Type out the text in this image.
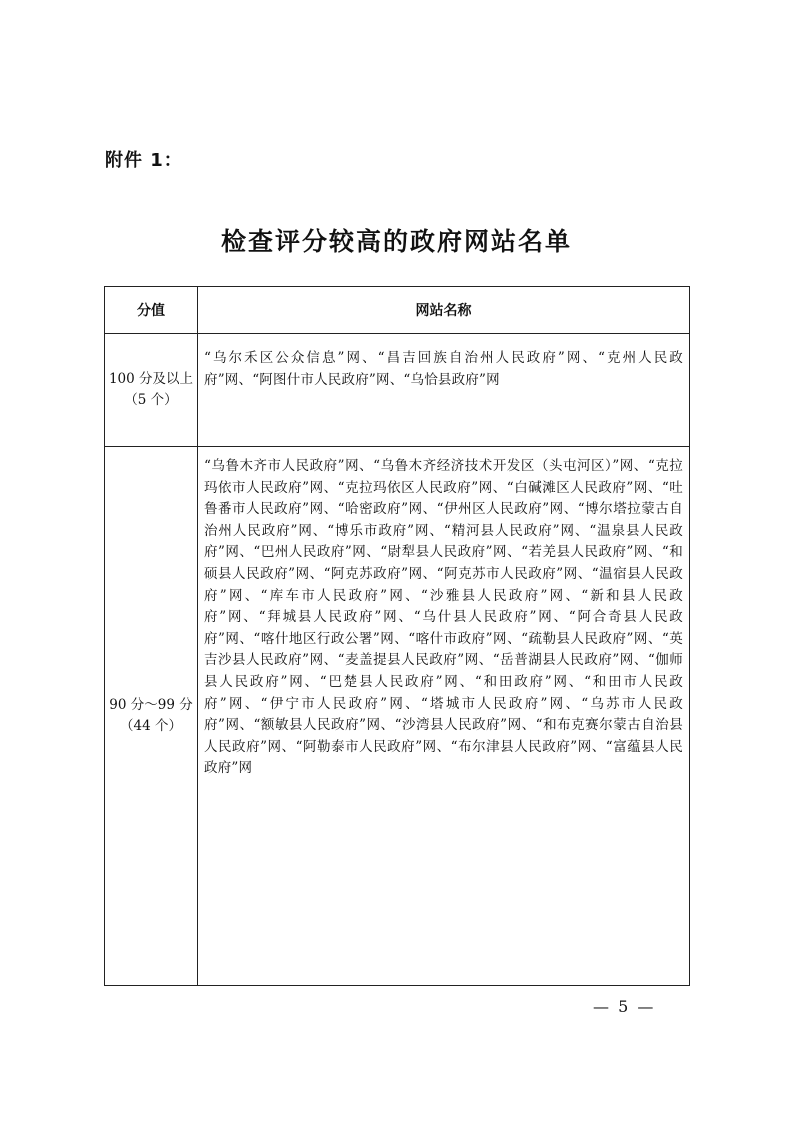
附件 1：
检查评分较高的政府网站名单
分值	网站名称

100 分及以上
（5 个）	“乌尔禾区公众信息”网、“昌吉回族自治州人民政府”网、“克州人民政府”网、“阿图什市人民政府”网、“乌恰县政府”网

90 分～99 分
（44 个）	“乌鲁木齐市人民政府”网、“乌鲁木齐经济技术开发区（头屯河区）”网、“克拉玛依市人民政府”网、“克拉玛依区人民政府”网、“白碱滩区人民政府”网、“吐鲁番市人民政府”网、“哈密政府”网、“伊州区人民政府”网、“博尔塔拉蒙古自治州人民政府”网、“博乐市政府”网、“精河县人民政府”网、“温泉县人民政府”网、“巴州人民政府”网、“尉犁县人民政府”网、“若羌县人民政府”网、“和硕县人民政府”网、“阿克苏政府”网、“阿克苏市人民政府”网、“温宿县人民政府”网、“库车市人民政府”网、“沙雅县人民政府”网、“新和县人民政府”网、“拜城县人民政府”网、“乌什县人民政府”网、“阿合奇县人民政府”网、“喀什地区行政公署”网、“喀什市政府”网、“疏勒县人民政府”网、“英吉沙县人民政府”网、“麦盖提县人民政府”网、“岳普湖县人民政府”网、“伽师县人民政府”网、“巴楚县人民政府”网、“和田政府”网、“和田市人民政府”网、“伊宁市人民政府”网、“塔城市人民政府”网、“乌苏市人民政府”网、“额敏县人民政府”网、“沙湾县人民政府”网、“和布克赛尔蒙古自治县人民政府”网、“阿勒泰市人民政府”网、“布尔津县人民政府”网、“富蕴县人民政府”网
— 5 —
